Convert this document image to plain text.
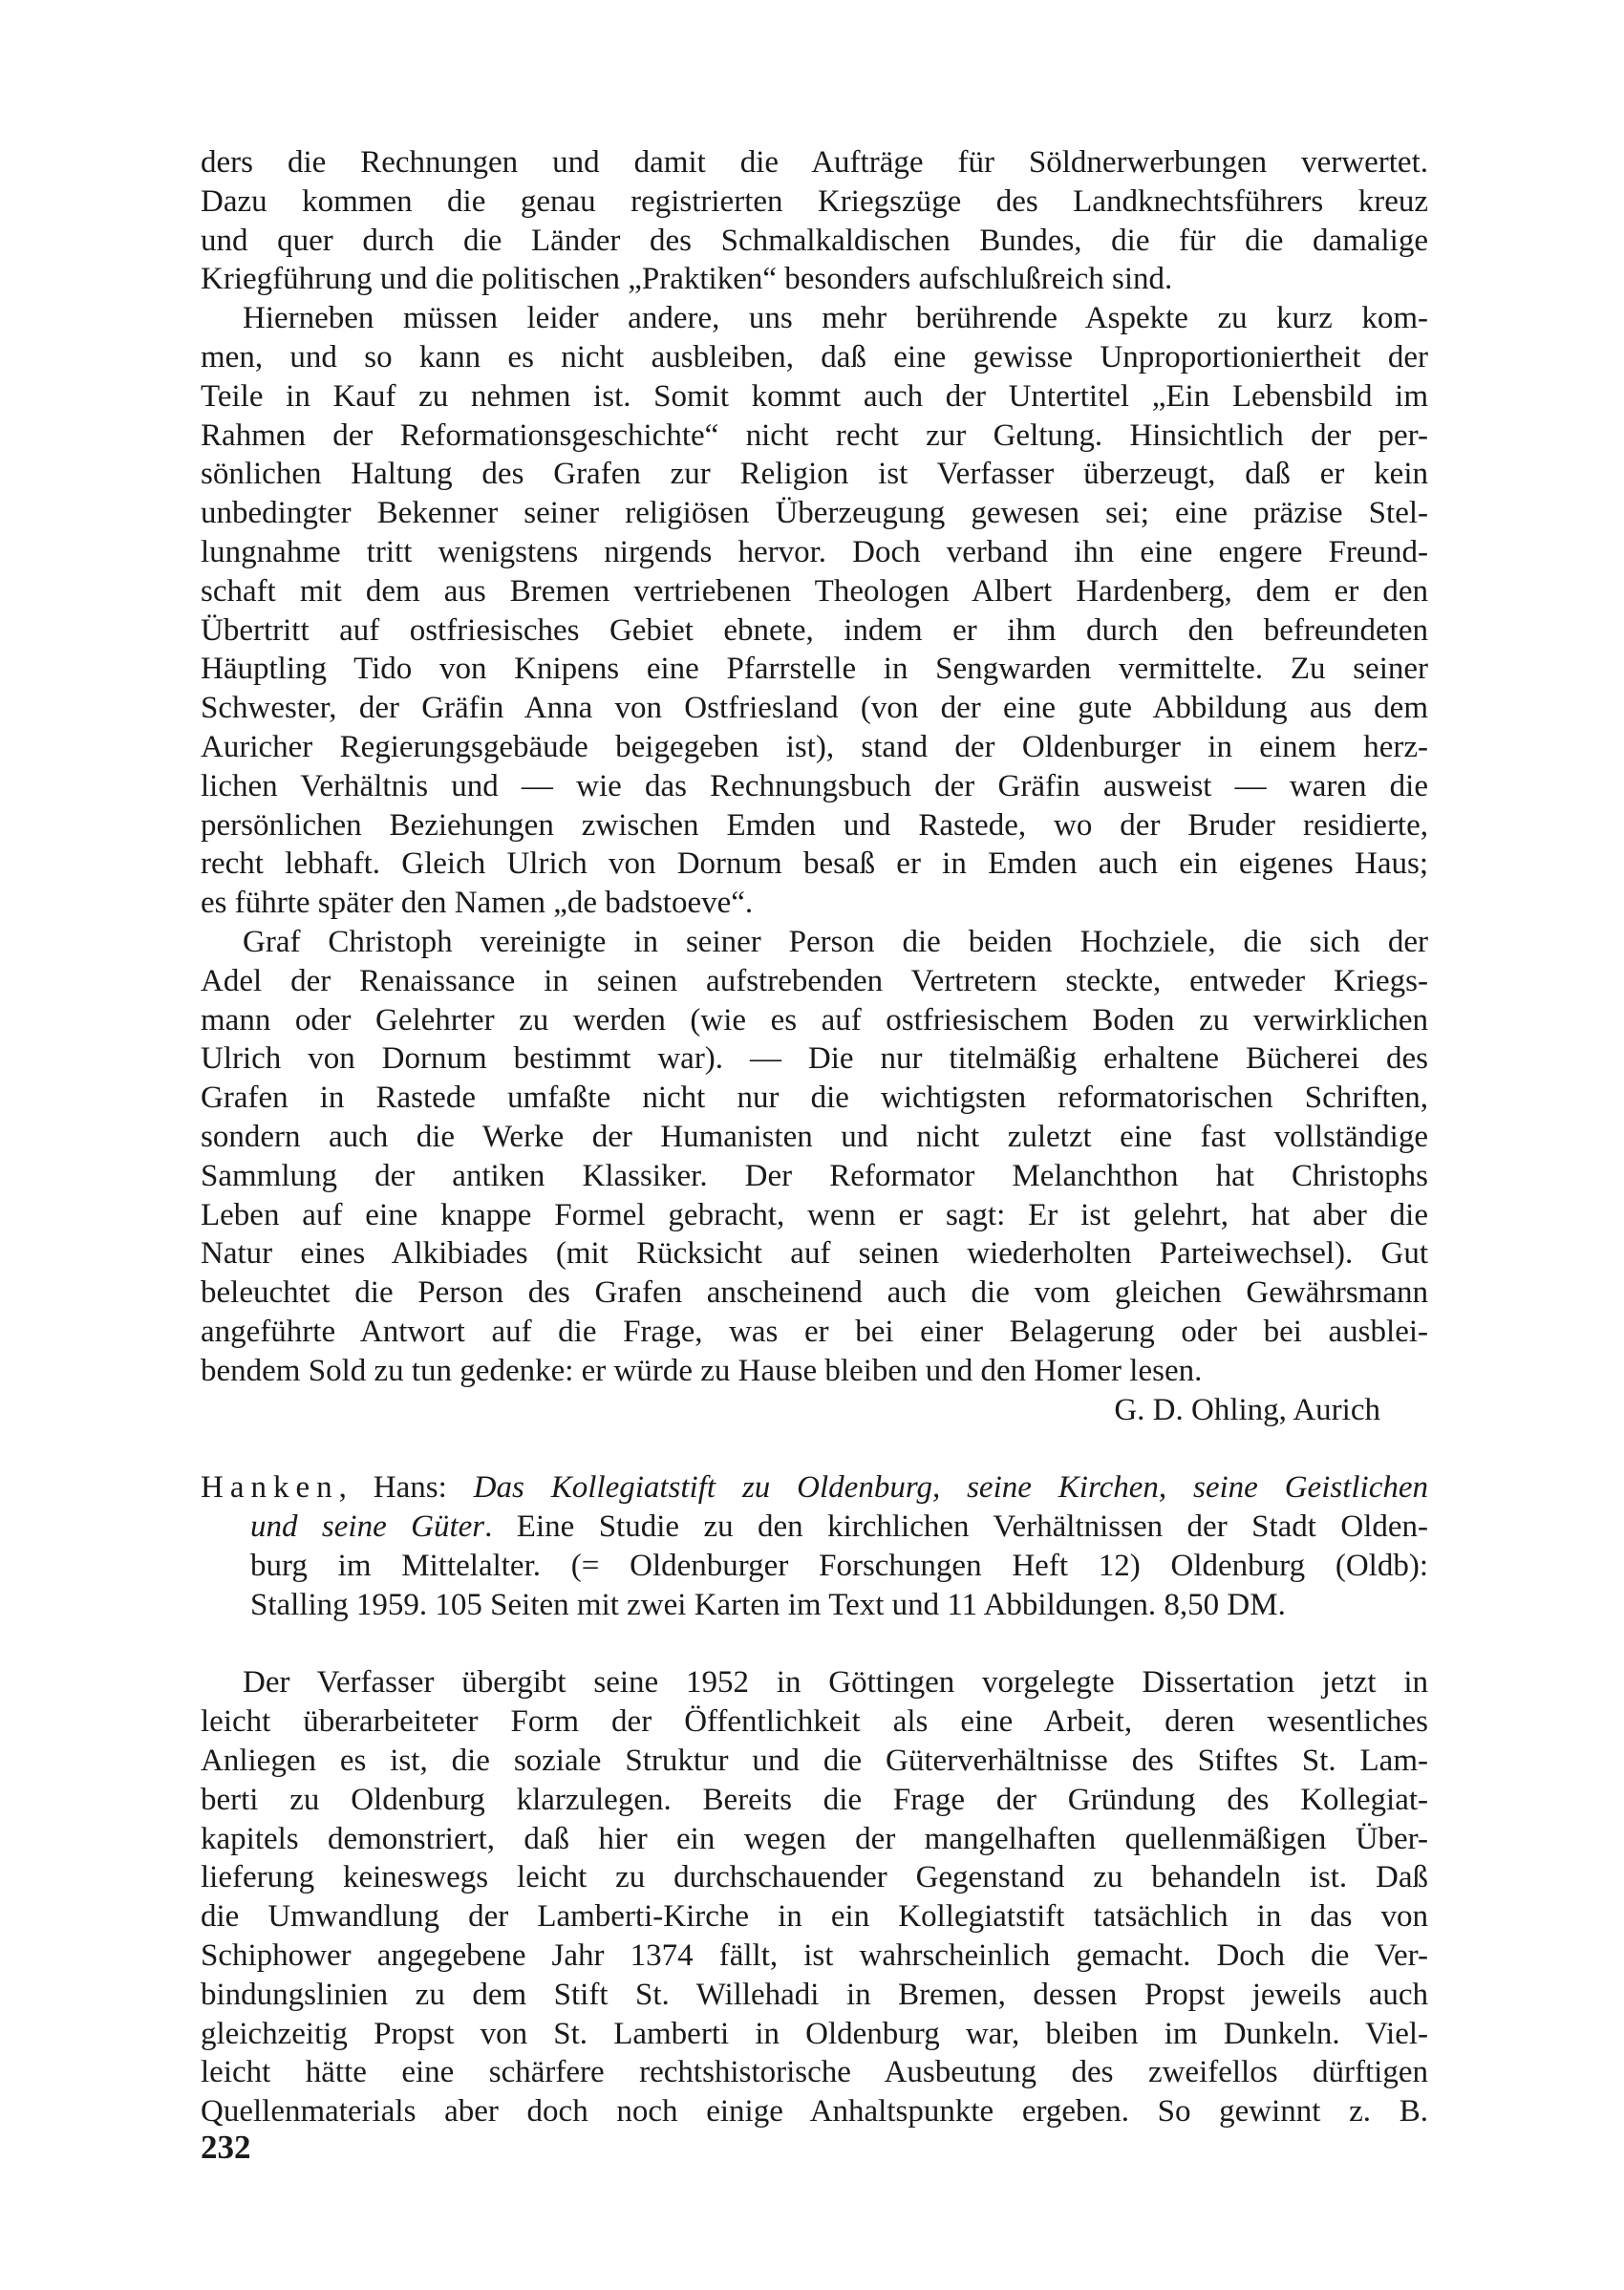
ders die Rechnungen und damit die Aufträge für Söldnerwerbungen verwertet.
Dazu kommen die genau registrierten Kriegszüge des Landknechtsführers kreuz
und quer durch die Länder des Schmalkaldischen Bundes, die für die damalige
Kriegführung und die politischen „Praktiken“ besonders aufschlußreich sind.
Hierneben müssen leider andere, uns mehr berührende Aspekte zu kurz kom-
men, und so kann es nicht ausbleiben, daß eine gewisse Unproportioniertheit der
Teile in Kauf zu nehmen ist. Somit kommt auch der Untertitel „Ein Lebensbild im
Rahmen der Reformationsgeschichte“ nicht recht zur Geltung. Hinsichtlich der per-
sönlichen Haltung des Grafen zur Religion ist Verfasser überzeugt, daß er kein
unbedingter Bekenner seiner religiösen Überzeugung gewesen sei; eine präzise Stel-
lungnahme tritt wenigstens nirgends hervor. Doch verband ihn eine engere Freund-
schaft mit dem aus Bremen vertriebenen Theologen Albert Hardenberg, dem er den
Übertritt auf ostfriesisches Gebiet ebnete, indem er ihm durch den befreundeten
Häuptling Tido von Knipens eine Pfarrstelle in Sengwarden vermittelte. Zu seiner
Schwester, der Gräfin Anna von Ostfriesland (von der eine gute Abbildung aus dem
Auricher Regierungsgebäude beigegeben ist), stand der Oldenburger in einem herz-
lichen Verhältnis und — wie das Rechnungsbuch der Gräfin ausweist — waren die
persönlichen Beziehungen zwischen Emden und Rastede, wo der Bruder residierte,
recht lebhaft. Gleich Ulrich von Dornum besaß er in Emden auch ein eigenes Haus;
es führte später den Namen „de badstoeve“.
Graf Christoph vereinigte in seiner Person die beiden Hochziele, die sich der
Adel der Renaissance in seinen aufstrebenden Vertretern steckte, entweder Kriegs-
mann oder Gelehrter zu werden (wie es auf ostfriesischem Boden zu verwirklichen
Ulrich von Dornum bestimmt war). — Die nur titelmäßig erhaltene Bücherei des
Grafen in Rastede umfaßte nicht nur die wichtigsten reformatorischen Schriften,
sondern auch die Werke der Humanisten und nicht zuletzt eine fast vollständige
Sammlung der antiken Klassiker. Der Reformator Melanchthon hat Christophs
Leben auf eine knappe Formel gebracht, wenn er sagt: Er ist gelehrt, hat aber die
Natur eines Alkibiades (mit Rücksicht auf seinen wiederholten Parteiwechsel). Gut
beleuchtet die Person des Grafen anscheinend auch die vom gleichen Gewährsmann
angeführte Antwort auf die Frage, was er bei einer Belagerung oder bei ausblei-
bendem Sold zu tun gedenke: er würde zu Hause bleiben und den Homer lesen.
G. D. Ohling, Aurich
Hanken, Hans: Das Kollegiatstift zu Oldenburg, seine Kirchen, seine Geistlichen
und seine Güter. Eine Studie zu den kirchlichen Verhältnissen der Stadt Olden-
burg im Mittelalter. (= Oldenburger Forschungen Heft 12) Oldenburg (Oldb):
Stalling 1959. 105 Seiten mit zwei Karten im Text und 11 Abbildungen. 8,50 DM.
Der Verfasser übergibt seine 1952 in Göttingen vorgelegte Dissertation jetzt in
leicht überarbeiteter Form der Öffentlichkeit als eine Arbeit, deren wesentliches
Anliegen es ist, die soziale Struktur und die Güterverhältnisse des Stiftes St. Lam-
berti zu Oldenburg klarzulegen. Bereits die Frage der Gründung des Kollegiat-
kapitels demonstriert, daß hier ein wegen der mangelhaften quellenmäßigen Über-
lieferung keineswegs leicht zu durchschauender Gegenstand zu behandeln ist. Daß
die Umwandlung der Lamberti-Kirche in ein Kollegiatstift tatsächlich in das von
Schiphower angegebene Jahr 1374 fällt, ist wahrscheinlich gemacht. Doch die Ver-
bindungslinien zu dem Stift St. Willehadi in Bremen, dessen Propst jeweils auch
gleichzeitig Propst von St. Lamberti in Oldenburg war, bleiben im Dunkeln. Viel-
leicht hätte eine schärfere rechtshistorische Ausbeutung des zweifellos dürftigen
Quellenmaterials aber doch noch einige Anhaltspunkte ergeben. So gewinnt z. B.
232
